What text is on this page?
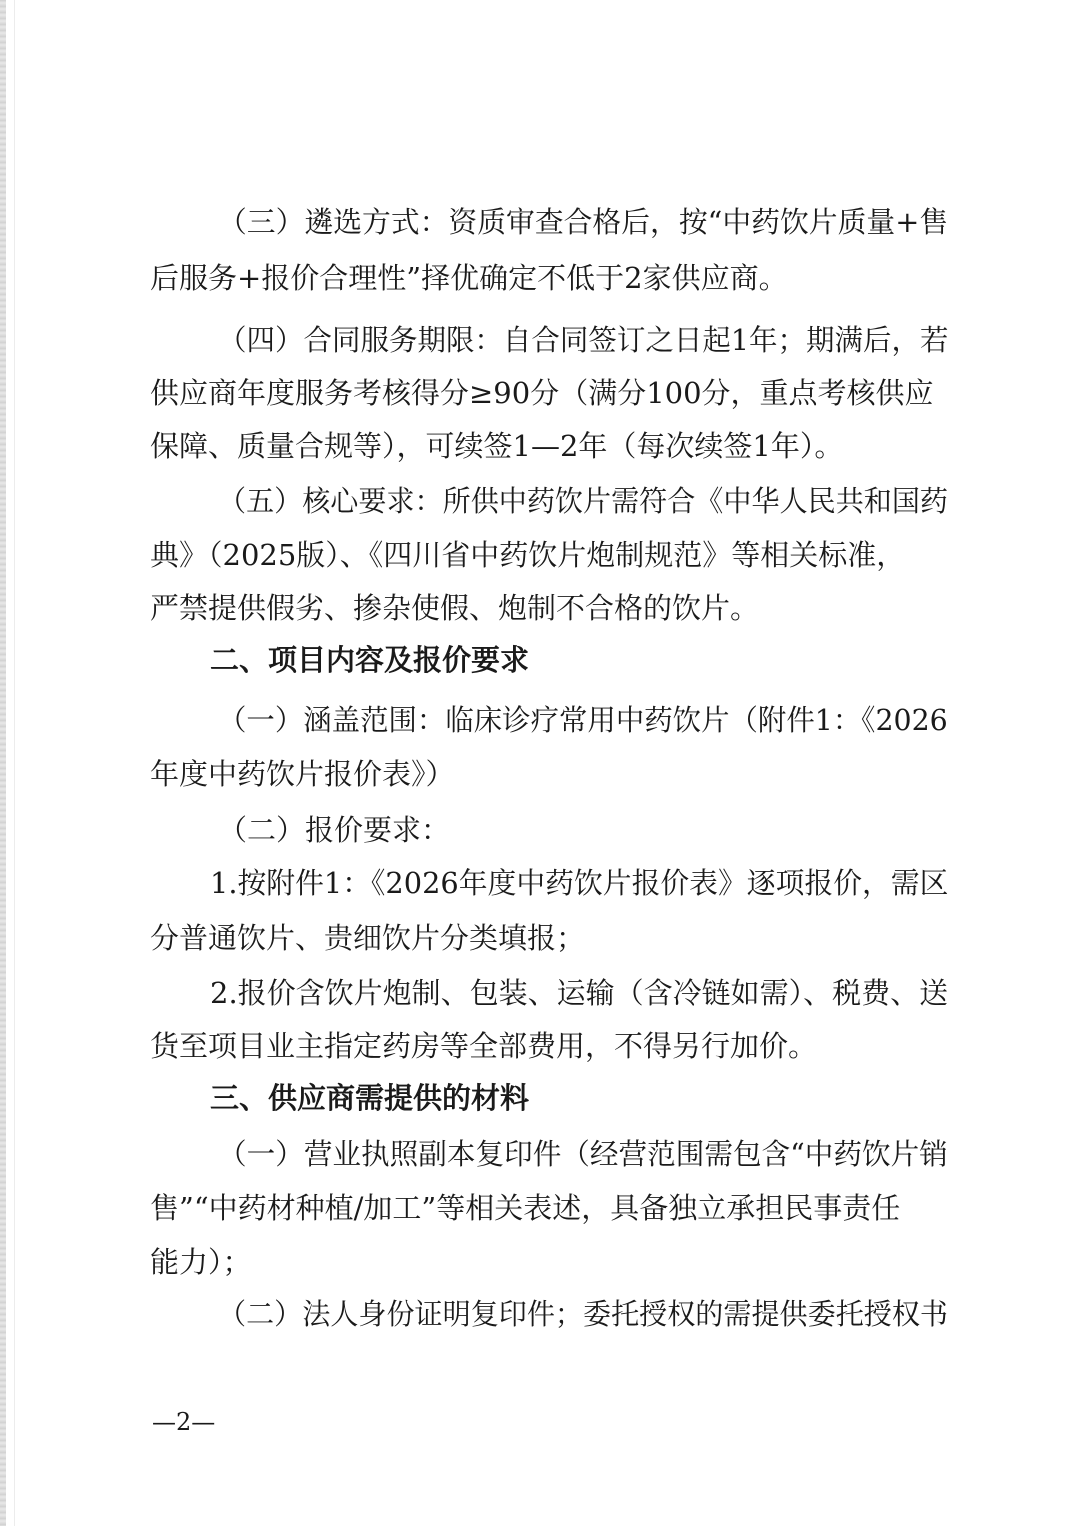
（三）遴选方式：资质审查合格后，按“中药饮片质量+售
后服务+报价合理性”择优确定不低于2家供应商。
（四）合同服务期限：自合同签订之日起1年；期满后，若
供应商年度服务考核得分≥90分（满分100分，重点考核供应
保障、质量合规等），可续签1—2年（每次续签1年）。
（五）核心要求：所供中药饮片需符合《中华人民共和国药
典》（2025版）、《四川省中药饮片炮制规范》等相关标准，
严禁提供假劣、掺杂使假、炮制不合格的饮片。
二、项目内容及报价要求
（一）涵盖范围：临床诊疗常用中药饮片（附件1：《2026
年度中药饮片报价表》）
（二）报价要求：
1.按附件1：《2026年度中药饮片报价表》逐项报价，需区
分普通饮片、贵细饮片分类填报；
2.报价含饮片炮制、包装、运输（含冷链如需）、税费、送
货至项目业主指定药房等全部费用，不得另行加价。
三、供应商需提供的材料
（一）营业执照副本复印件（经营范围需包含“中药饮片销
售”“中药材种植/加工”等相关表述，具备独立承担民事责任
能力）；
（二）法人身份证明复印件；委托授权的需提供委托授权书
—2—
